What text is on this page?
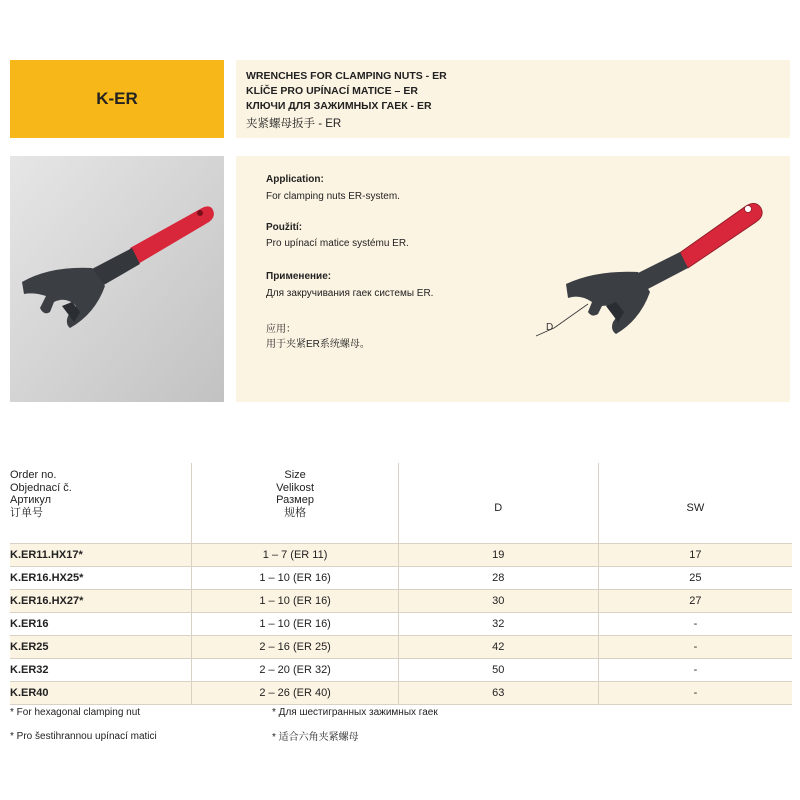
K-ER
WRENCHES FOR CLAMPING NUTS - ER
KLÍČE PRO UPÍNACÍ MATICE – ER
КЛЮЧИ ДЛЯ ЗАЖИМНЫХ ГАЕК - ER
夹紧螺母扳手 - ER
Application:
For clamping nuts ER-system.
Použití:
Pro upínací matice systému ER.
Применение:
Для закручивания гаек системы ER.
应用：
用于夹紧ER系统螺母。
D
Order no.
Objednací č.
Артикул
订单号	Size
Velikost
Размер
规格	D	SW
K.ER11.HX17*	1 – 7 (ER 11)	19	17
K.ER16.HX25*	1 – 10 (ER 16)	28	25
K.ER16.HX27*	1 – 10 (ER 16)	30	27
K.ER16	1 – 10 (ER 16)	32	-
K.ER25	2 – 16 (ER 25)	42	-
K.ER32	2 – 20 (ER 32)	50	-
K.ER40	2 – 26 (ER 40)	63	-
* For hexagonal clamping nut
* Pro šestihrannou upínací matici
* Для шестигранных зажимных гаек
* 适合六角夹紧螺母
